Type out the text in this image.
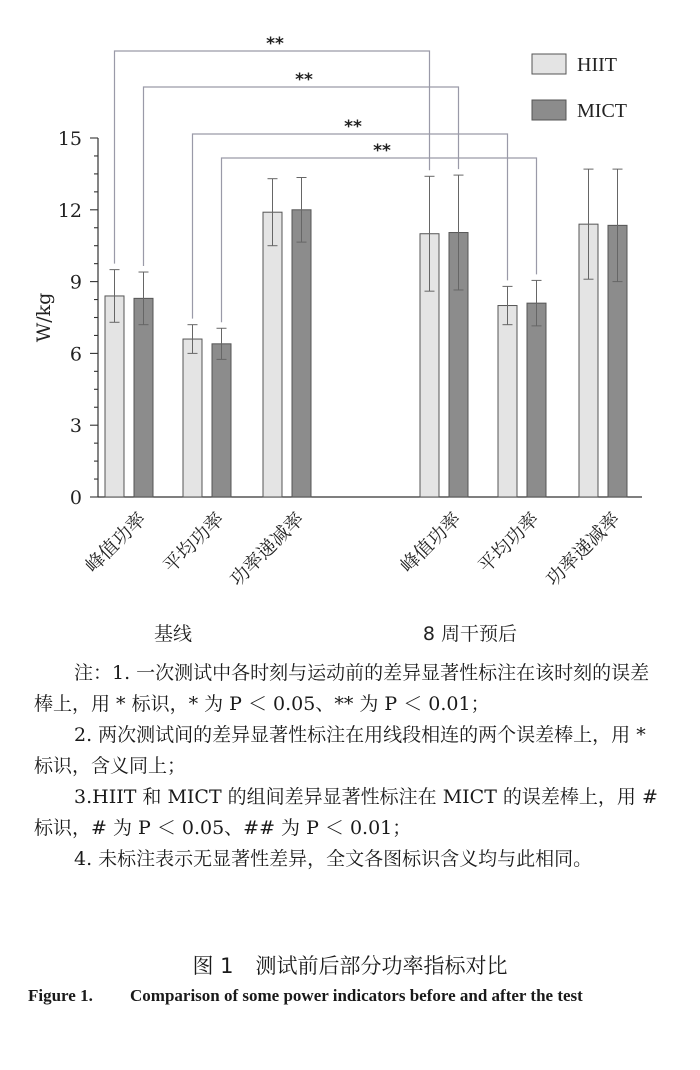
0
3
6
9
12
15
W/kg
**
**
**
**
HIIT
MICT
峰值功率 平均功率
功率递减率
基线
峰值功率 平均功率
功率递减率
8 周干预后

注：1. 一次测试中各时刻与运动前的差异显著性标注在该时刻的误差棒上，用 * 标识，* 为 P ＜ 0.05、** 为 P ＜ 0.01；

2. 两次测试间的差异显著性标注在用线段相连的两个误差棒上，用 * 标识，含义同上；

3.HIIT 和 MICT 的组间差异显著性标注在 MICT 的误差棒上，用 # 标识，# 为 P ＜ 0.05、## 为 P ＜ 0.01；

4. 未标注表示无显著性差异，全文各图标识含义均与此相同。

图 1 测试前后部分功率指标对比
Figure 1.	Comparison of some power indicators before and after the test
